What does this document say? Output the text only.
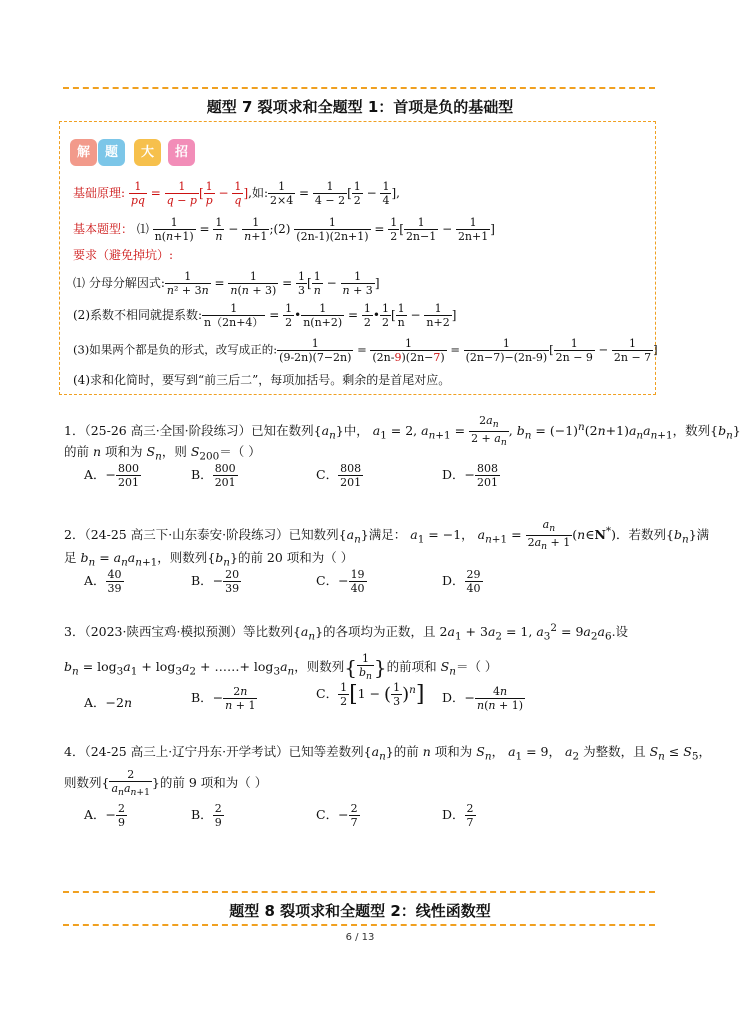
题型 7 裂项求和全题型 1：首项是负的基础型
解	题	大	招
基础原理: $\frac{1}{pq} = \frac{1}{q - p}$ [ $\frac{1}{p} - \frac{1}{q}$ ],如: $\frac{1}{2\times 4} = \frac{1}{4 - 2}$ [ $\frac{1}{2} - \frac{1}{4}$ ],
基本题型： ⑴ $\frac{1}{n(n+1)} = \frac{1}{n} - \frac{1}{n+1}$ ;(2) $\frac{1}{(2n-1)(2n+1)} = \frac{1}{2}$ [ $\frac{1}{2n-1} - \frac{1}{2n+1}$ ]
要求（避免掉坑）:
⑴ 分母分解因式: $\frac{1}{\text{n² + 3n}} = \frac{1}{n(n + 3)} = \frac{1}{3}$ [ $\frac{1}{n} - \frac{1}{n + 3}$ ]
(2)系数不相同就提系数: $\frac{1}{n(2n+4)} = \frac{1}{2}$ • $\frac{1}{n(n+2)} = \frac{1}{2}$ • $\frac{1}{2}$ [ $\frac{1}{n} - \frac{1}{n+2}$ ]
(3)如果两个都是负的形式，改写成正的: $\frac{1}{(9-2n)(7-2n)} = \frac{1}{(2n-9)(2n-7)} = \frac{1}{(2n-7)-(2n-9)}$ [ $\frac{1}{2n - 9} - \frac{1}{2n - 7}$ ]
(4)求和化简时，要写到“前三后二”，每项加括号。剩余的是首尾对应。
1．（25-26 高三·全国·阶段练习）已知在数列$\{a_n\}$中， $a_1 = 2$, $a_{n+1} = \frac{2a_n}{2 + a_n}$ , $b_n = (-1)^n(2n+1)a_na_{n+1}$，数列$\{b_n\}$
的前 n 项和为 $S_n$，则 $S_{200}=$（ ）
A．− $\frac{800}{201}$	B． $\frac{800}{201}$	C． $\frac{808}{201}$	D．− $\frac{808}{201}$
2．（24-25 高三下·山东泰安·阶段练习）已知数列$\{a_n\}$满足： $a_1 = -1$， $a_{n+1} = \frac{a_n}{2a_n + 1}$ (n∈N*)．若数列$\{b_n\}$满
足 $b_n = a_na_{n+1}$，则数列$\{b_n\}$的前 20 项和为（ ）
A． $\frac{40}{39}$	B．− $\frac{20}{39}$	C．− $\frac{19}{40}$	D． $\frac{29}{40}$
3．（2023·陕西宝鸡·模拟预测）等比数列$\{a_n\}$的各项均为正数，且 $2a_1 + 3a_2 = 1$, $a_3^2 = 9a_2a_6$.设
$b_n = \log_3a_1 + \log_3a_2$ + ……+ $\log_3a_n$，则数列{ $\frac{1}{b_n}$ }的前项和 $S_n=$（ ）
A．−2n	B．− $\frac{2n}{n + 1}$	C． $\frac{1}{2} [1$ − ( $\frac{1}{3} )^n$] D．− $\frac{4n}{n(n + 1)}$
4．（24-25 高三上·辽宁丹东·开学考试）已知等差数列$\{a_n\}$的前 n 项和为 $S_n$， $a_1 = 9$， $a_2$ 为整数，且 $S_n \le S_5$，
则数列{ $\frac{2}{a_na_{n+1}}$ }的前 9 项和为（ ）
A．− $\frac{2}{9}$	B． $\frac{2}{9}$	C．− $\frac{2}{7}$	D． $\frac{2}{7}$
题型 8 裂项求和全题型 2：线性函数型
6 / 13
